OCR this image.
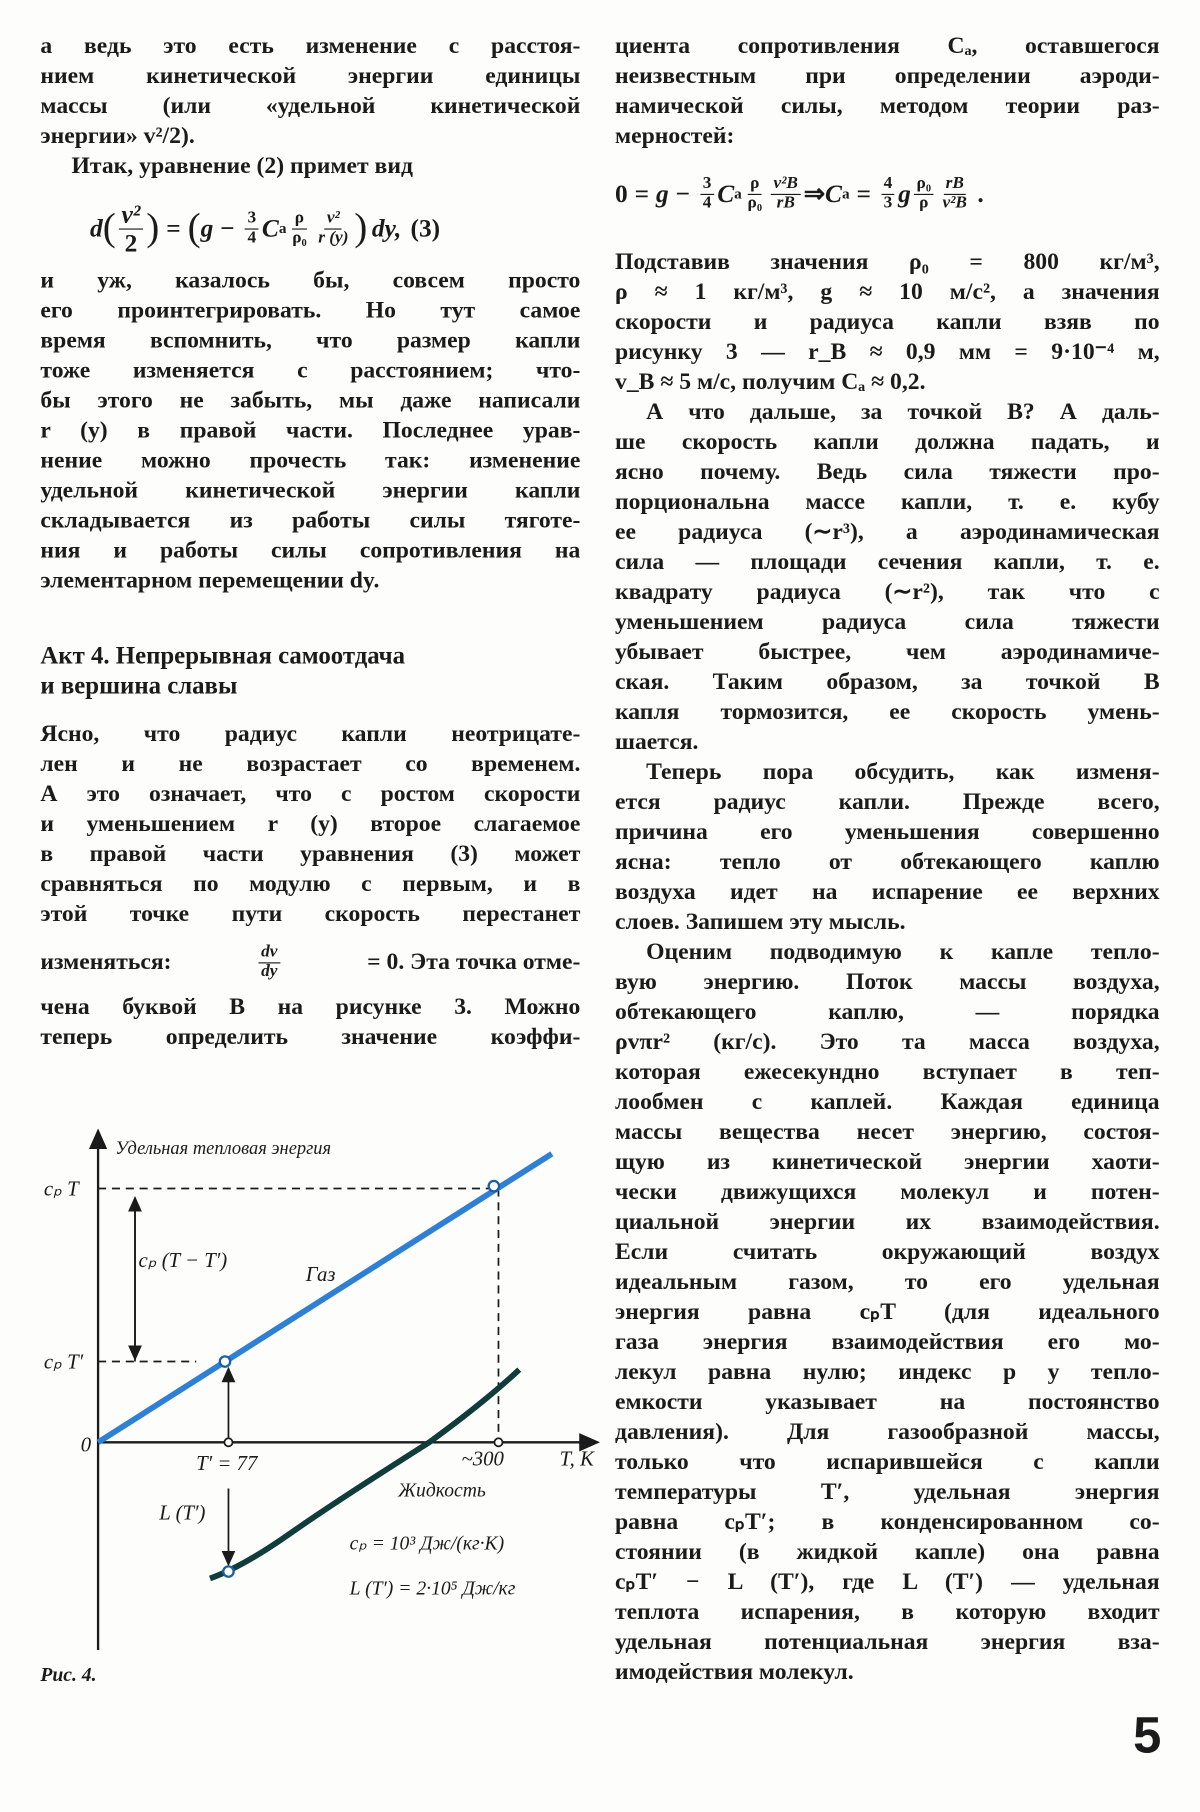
а ведь это есть изменение с расстоя-
нием кинетической энергии единицы
массы (или «удельной кинетической
энергии» v²/2).
Итак, уравнение (2) примет вид
d ( $\frac{\text{v²}}{2}$ ) = ( $g - \frac{3}{4}$ C а $\frac{\rho}{\text{ρ₀}} \frac{\text{v²}}{r (y)}$ ) dy, (3)
и уж, казалось бы, совсем просто
его проинтегрировать. Но тут самое
время вспомнить, что размер капли
тоже изменяется с расстоянием; что-
бы этого не забыть, мы даже написали
r (y) в правой части. Последнее урав-
нение можно прочесть так: изменение
удельной кинетической энергии капли
складывается из работы силы тяготе-
ния и работы силы сопротивления на
элементарном перемещении dy.
Акт 4. Непрерывная самоотдача
и вершина славы
Ясно, что радиус капли неотрицате-
лен и не возрастает со временем.
А это означает, что с ростом скорости
и уменьшением r (y) второе слагаемое
в правой части уравнения (3) может
сравняться по модулю с первым, и в
этой точке пути скорость перестанет
изменяться:	$\frac{dv}{dy}$	= 0. Эта точка отме-
чена буквой B на рисунке 3. Можно
теперь определить значение коэффи-
циента сопротивления Cₐ, оставшегося
неизвестным при определении аэроди-
намической силы, методом теории раз-
мерностей:
$0 = g - \frac{3}{4}$ C а $\frac{\rho}{\text{ρ₀}} \frac{\text{v²B}}{rB}$ ⇒ C $а = \frac{4}{3}$ g $\frac{\text{ρ₀}}{\rho} \frac{rB}{\text{v²B}}$ .
Подставив значения ρ₀ = 800 кг/м³,
ρ ≈ 1 кг/м³, g ≈ 10 м/с², а значения
скорости и радиуса капли взяв по
рисунку 3 — r_B ≈ 0,9 мм = 9·10⁻⁴ м,
v_B ≈ 5 м/с, получим Cₐ ≈ 0,2.
А что дальше, за точкой B? А даль-
ше скорость капли должна падать, и
ясно почему. Ведь сила тяжести про-
порциональна массе капли, т. е. кубу
ее радиуса (∼r³), а аэродинамическая
сила — площади сечения капли, т. е.
квадрату радиуса (∼r²), так что с
уменьшением радиуса сила тяжести
убывает быстрее, чем аэродинамиче-
ская. Таким образом, за точкой B
капля тормозится, ее скорость умень-
шается.
Теперь пора обсудить, как изменя-
ется радиус капли. Прежде всего,
причина его уменьшения совершенно
ясна: тепло от обтекающего каплю
воздуха идет на испарение ее верхних
слоев. Запишем эту мысль.
Оценим подводимую к капле тепло-
вую энергию. Поток массы воздуха,
обтекающего каплю, — порядка
ρvπr² (кг/с). Это та масса воздуха,
которая ежесекундно вступает в теп-
лообмен с каплей. Каждая единица
массы вещества несет энергию, состоя-
щую из кинетической энергии хаоти-
чески движущихся молекул и потен-
циальной энергии их взаимодействия.
Если считать окружающий воздух
идеальным газом, то его удельная
энергия равна cₚT (для идеального
газа энергия взаимодействия его мо-
лекул равна нулю; индекс p у тепло-
емкости указывает на постоянство
давления). Для газообразной массы,
только что испарившейся с капли
температуры T′, удельная энергия
равна cₚT′; в конденсированном со-
стоянии (в жидкой капле) она равна
cₚT′ − L (T′), где L (T′) — удельная
теплота испарения, в которую входит
удельная потенциальная энергия вза-
имодействия молекул.
Удельная тепловая энергия
cₚ T
cₚ T′
0
T′ = 77	~300	T, K
cₚ (T − T′)
L (T′)
cₚ = 10³ Дж/(кг·K)
L (T′) = 2·10⁵ Дж/кг
Газ
Жидкость
Рис. 4.
5
